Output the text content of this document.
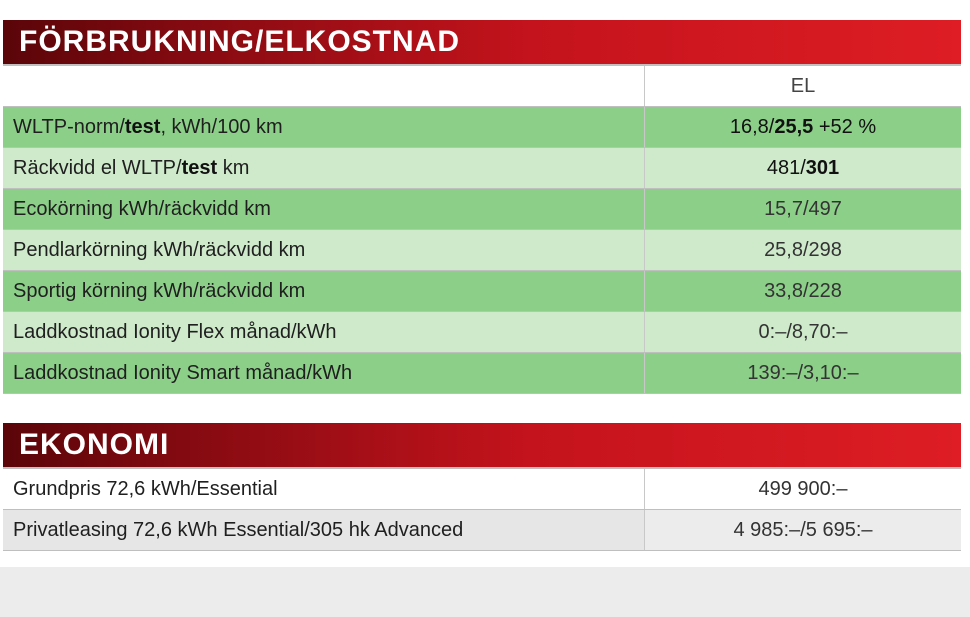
FÖRBRUKNING/ELKOSTNAD
EL
WLTP-norm/ test , kWh/100 km	16,8/ 25,5 +52 %
Räckvidd el WLTP/ test km	481/ 301
Ecokörning kWh/räckvidd km	15,7/497
Pendlarkörning kWh/räckvidd km	25,8/298
Sportig körning kWh/räckvidd km	33,8/228
Laddkostnad Ionity Flex månad/kWh	0:–/8,70:–
Laddkostnad Ionity Smart månad/kWh	139:–/3,10:–
EKONOMI
Grundpris 72,6 kWh/Essential	499 900:–
Privatleasing 72,6 kWh Essential/305 hk Advanced	4 985:–/5 695:–
